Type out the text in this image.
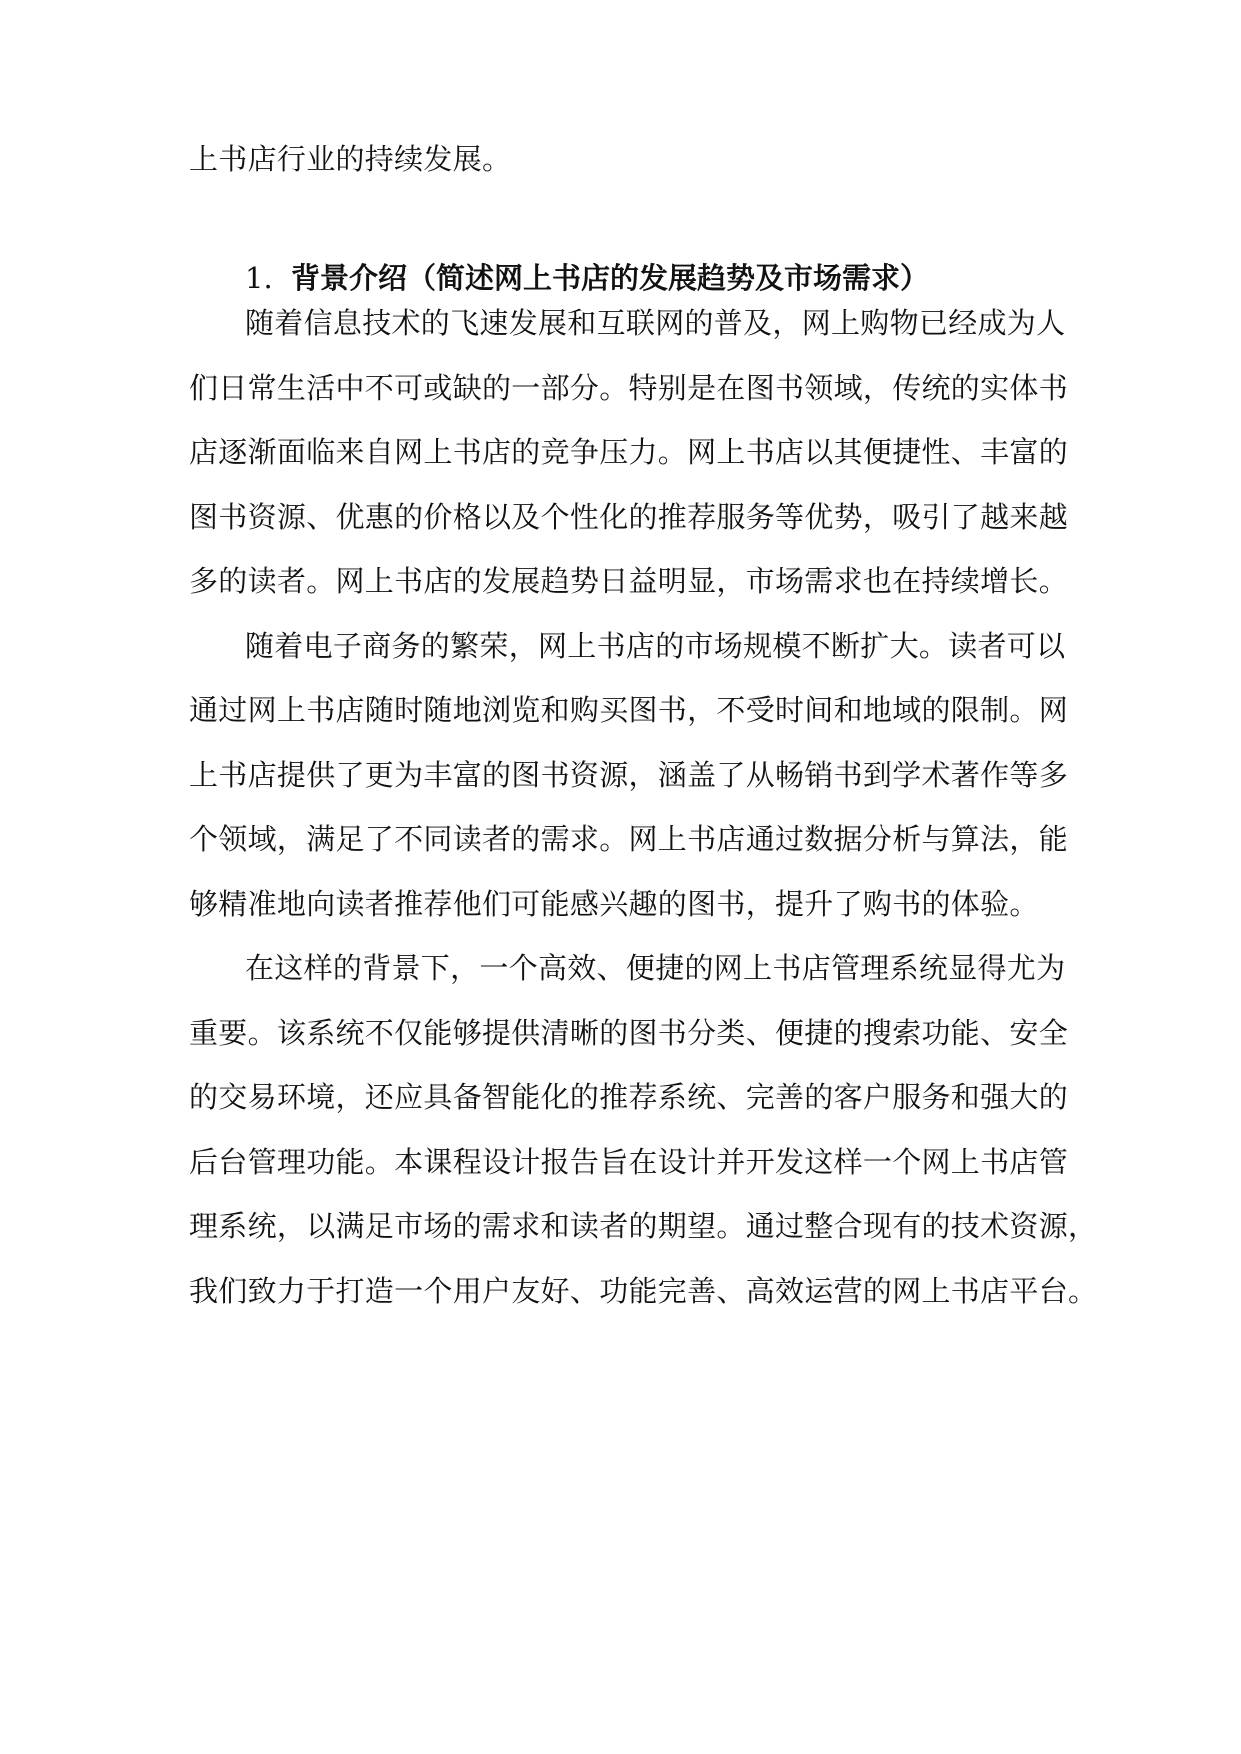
上书店行业的持续发展。
1. 背景介绍（简述网上书店的发展趋势及市场需求）
随着信息技术的飞速发展和互联网的普及，网上购物已经成为人
们日常生活中不可或缺的一部分。特别是在图书领域，传统的实体书
店逐渐面临来自网上书店的竞争压力。网上书店以其便捷性、丰富的
图书资源、优惠的价格以及个性化的推荐服务等优势，吸引了越来越
多的读者。网上书店的发展趋势日益明显，市场需求也在持续增长。
随着电子商务的繁荣，网上书店的市场规模不断扩大。读者可以
通过网上书店随时随地浏览和购买图书，不受时间和地域的限制。网
上书店提供了更为丰富的图书资源，涵盖了从畅销书到学术著作等多
个领域，满足了不同读者的需求。网上书店通过数据分析与算法，能
够精准地向读者推荐他们可能感兴趣的图书，提升了购书的体验。
在这样的背景下，一个高效、便捷的网上书店管理系统显得尤为
重要。该系统不仅能够提供清晰的图书分类、便捷的搜索功能、安全
的交易环境，还应具备智能化的推荐系统、完善的客户服务和强大的
后台管理功能。本课程设计报告旨在设计并开发这样一个网上书店管
理系统，以满足市场的需求和读者的期望。通过整合现有的技术资源，
我们致力于打造一个用户友好、功能完善、高效运营的网上书店平台。
